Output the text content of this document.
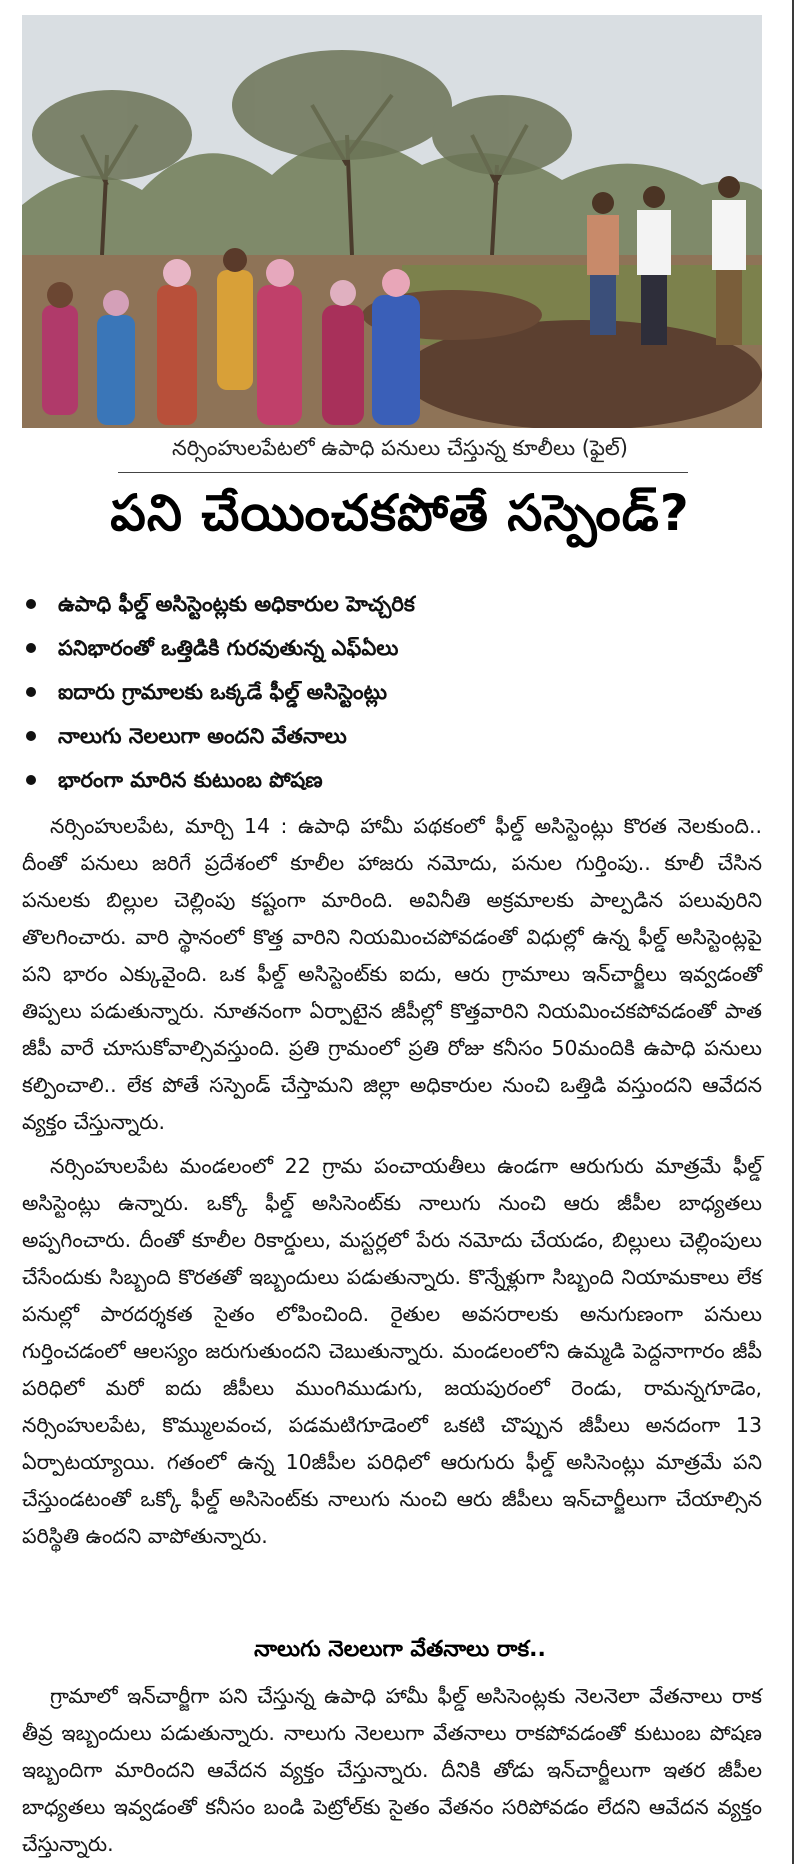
నర్సింహులపేటలో ఉపాధి పనులు చేస్తున్న కూలీలు (ఫైల్)
పని చేయించకపోతే సస్పెండ్?
ఉపాధి ఫీల్డ్ అసిస్టెంట్లకు అధికారుల హెచ్చరిక
పనిభారంతో ఒత్తిడికి గురవుతున్న ఎఫ్ఏలు
ఐదారు గ్రామాలకు ఒక్కడే ఫీల్డ్ అసిస్టెంట్లు
నాలుగు నెలలుగా అందని వేతనాలు
భారంగా మారిన కుటుంబ పోషణ

నర్సింహులపేట, మార్చి 14 : ఉపాధి హామీ పథకంలో ఫీల్డ్ అసిస్టెంట్లు కొరత నెలకుంది.. దీంతో పనులు జరిగే ప్రదేశంలో కూలీల హాజరు నమోదు, పనుల గుర్తింపు.. కూలీ చేసిన పనులకు బిల్లుల చెల్లింపు కష్టంగా మారింది. అవినీతి అక్రమాలకు పాల్పడిన పలువురిని తొలగించారు. వారి స్థానంలో కొత్త వారిని నియమించపోవడంతో విధుల్లో ఉన్న ఫీల్డ్ అసిస్టెంట్లపై పని భారం ఎక్కువైంది. ఒక ఫీల్డ్ అసిస్టెంట్‌కు ఐదు, ఆరు గ్రామాలు ఇన్‌చార్జీలు ఇవ్వడంతో తిప్పలు పడుతున్నారు. నూతనంగా ఏర్పాటైన జీపీల్లో కొత్తవారిని నియమించకపోవడంతో పాత జీపీ వారే చూసుకోవాల్సివస్తుంది. ప్రతి గ్రామంలో ప్రతి రోజు కనీసం 50మందికి ఉపాధి పనులు కల్పించాలి.. లేక పోతే సస్పెండ్ చేస్తామని జిల్లా అధికారుల నుంచి ఒత్తిడి వస్తుందని ఆవేదన వ్యక్తం చేస్తున్నారు.

నర్సింహులపేట మండలంలో 22 గ్రామ పంచాయతీలు ఉండగా ఆరుగురు మాత్రమే ఫీల్డ్ అసిస్టెంట్లు ఉన్నారు. ఒక్కో ఫీల్డ్ అసిసెంట్‌కు నాలుగు నుంచి ఆరు జీపీల బాధ్యతలు అప్పగించారు. దీంతో కూలీల రికార్డులు, మస్టర్లలో పేరు నమోదు చేయడం, బిల్లులు చెల్లింపులు చేసేందుకు సిబ్బంది కొరతతో ఇబ్బందులు పడుతున్నారు. కొన్నేళ్లుగా సిబ్బంది నియామకాలు లేక పనుల్లో పారదర్శకత సైతం లోపించింది. రైతుల అవసరాలకు అనుగుణంగా పనులు గుర్తించడంలో ఆలస్యం జరుగుతుందని చెబుతున్నారు. మండలంలోని ఉమ్మడి పెద్దనాగారం జీపీ పరిధిలో మరో ఐదు జీపీలు ముంగిముడుగు, జయపురంలో రెండు, రామన్నగూడెం, నర్సింహులపేట, కొమ్ములవంచ, పడమటిగూడెంలో ఒకటి చొప్పున జీపీలు అనదంగా 13 ఏర్పాటయ్యాయి. గతంలో ఉన్న 10జీపీల పరిధిలో ఆరుగురు ఫీల్డ్ అసిసెంట్లు మాత్రమే పని చేస్తుండటంతో ఒక్కో ఫీల్డ్ అసిసెంట్‌కు నాలుగు నుంచి ఆరు జీపీలు ఇన్‌చార్జీలుగా చేయాల్సిన పరిస్థితి ఉందని వాపోతున్నారు.

నాలుగు నెలలుగా వేతనాలు రాక..

గ్రామాలో ఇన్‌చార్జీగా పని చేస్తున్న ఉపాధి హామీ ఫీల్డ్ అసిసెంట్లకు నెలనెలా వేతనాలు రాక తీవ్ర ఇబ్బందులు పడుతున్నారు. నాలుగు నెలలుగా వేతనాలు రాకపోవడంతో కుటుంబ పోషణ ఇబ్బందిగా మారిందని ఆవేదన వ్యక్తం చేస్తున్నారు. దీనికి తోడు ఇన్‌చార్జీలుగా ఇతర జీపీల బాధ్యతలు ఇవ్వడంతో కనీసం బండి పెట్రోల్‌కు సైతం వేతనం సరిపోవడం లేదని ఆవేదన వ్యక్తం చేస్తున్నారు.
